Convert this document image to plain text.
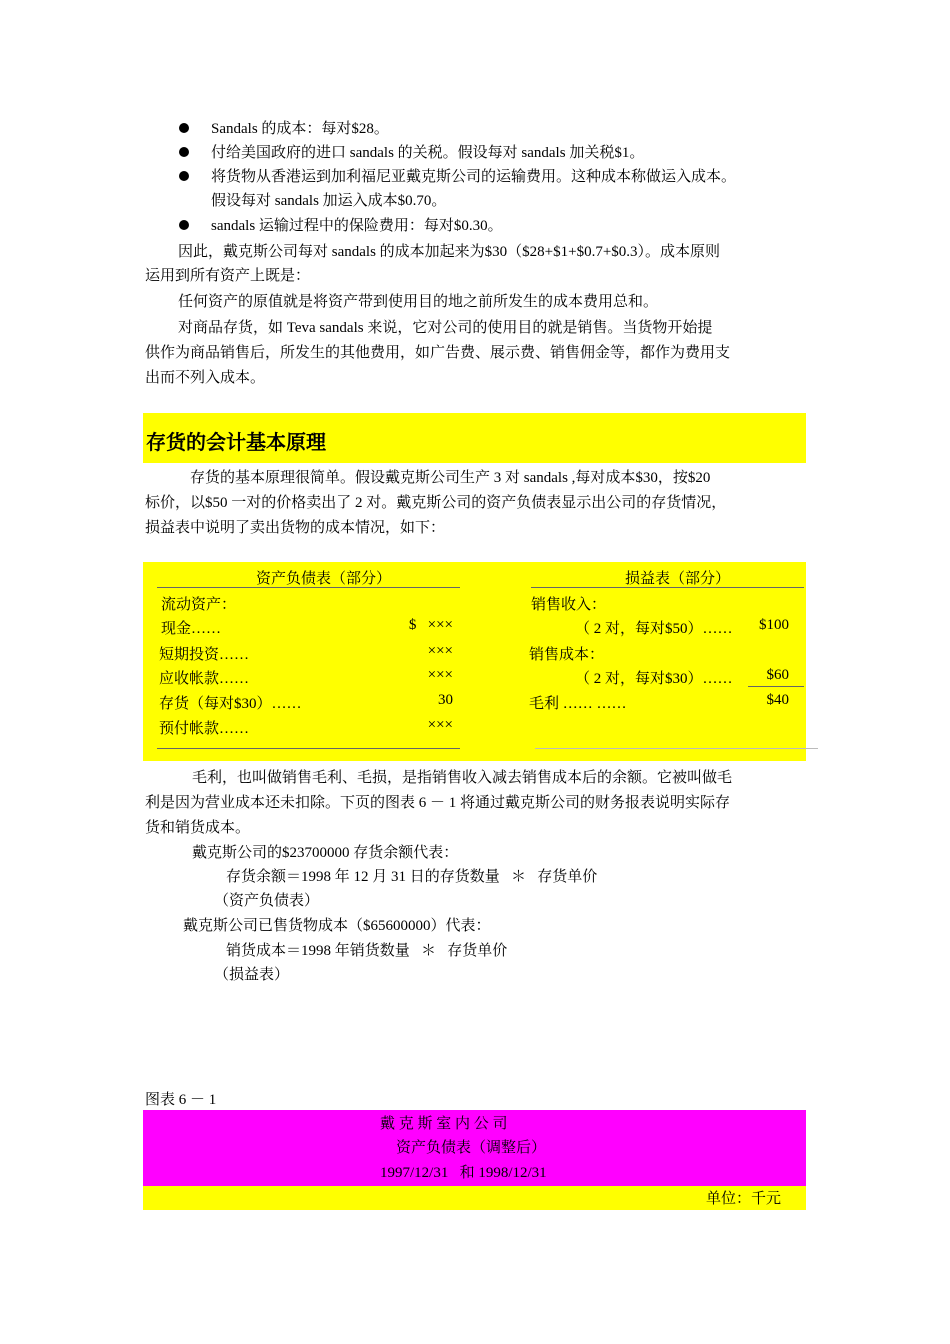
Sandals 的成本：每对$28。
付给美国政府的进口 sandals 的关税。假设每对 sandals 加关税$1。
将货物从香港运到加利福尼亚戴克斯公司的运输费用。这种成本称做运入成本。
假设每对 sandals 加运入成本$0.70。
sandals 运输过程中的保险费用：每对$0.30。
因此，戴克斯公司每对 sandals 的成本加起来为$30（$28+$1+$0.7+$0.3）。成本原则
运用到所有资产上既是：
任何资产的原值就是将资产带到使用目的地之前所发生的成本费用总和。
对商品存货，如 Teva sandals 来说，它对公司的使用目的就是销售。当货物开始提
供作为商品销售后，所发生的其他费用，如广告费、展示费、销售佣金等，都作为费用支
出而不列入成本。
存货的会计基本原理
存货的基本原理很简单。假设戴克斯公司生产 3 对 sandals ,每对成本$30，按$20
标价，以$50 一对的价格卖出了 2 对。戴克斯公司的资产负债表显示出公司的存货情况，
损益表中说明了卖出货物的成本情况，如下：
资产负债表（部分）
流动资产：
现金……	$   ×××
短期投资……	×××
应收帐款……	×××
存货（每对$30）……	30
预付帐款……	×××
损益表（部分）
销售收入：
（ 2 对，每对$50）……	$100
销售成本：
（ 2 对，每对$30）……	$60
毛利 …… ……	$40
毛利，也叫做销售毛利、毛损，是指销售收入减去销售成本后的余额。它被叫做毛
利是因为营业成本还未扣除。下页的图表 6 － 1 将通过戴克斯公司的财务报表说明实际存
货和销货成本。
戴克斯公司的$23700000 存货余额代表：
存货余额＝1998 年 12 月 31 日的存货数量   ＊   存货单价
（资产负债表）
戴克斯公司已售货物成本（$65600000）代表：
销货成本＝1998 年销货数量   ＊   存货单价
（损益表）
图表 6 － 1
戴 克 斯 室 内 公 司
资产负债表（调整后）
1997/12/31   和 1998/12/31
单位：千元
